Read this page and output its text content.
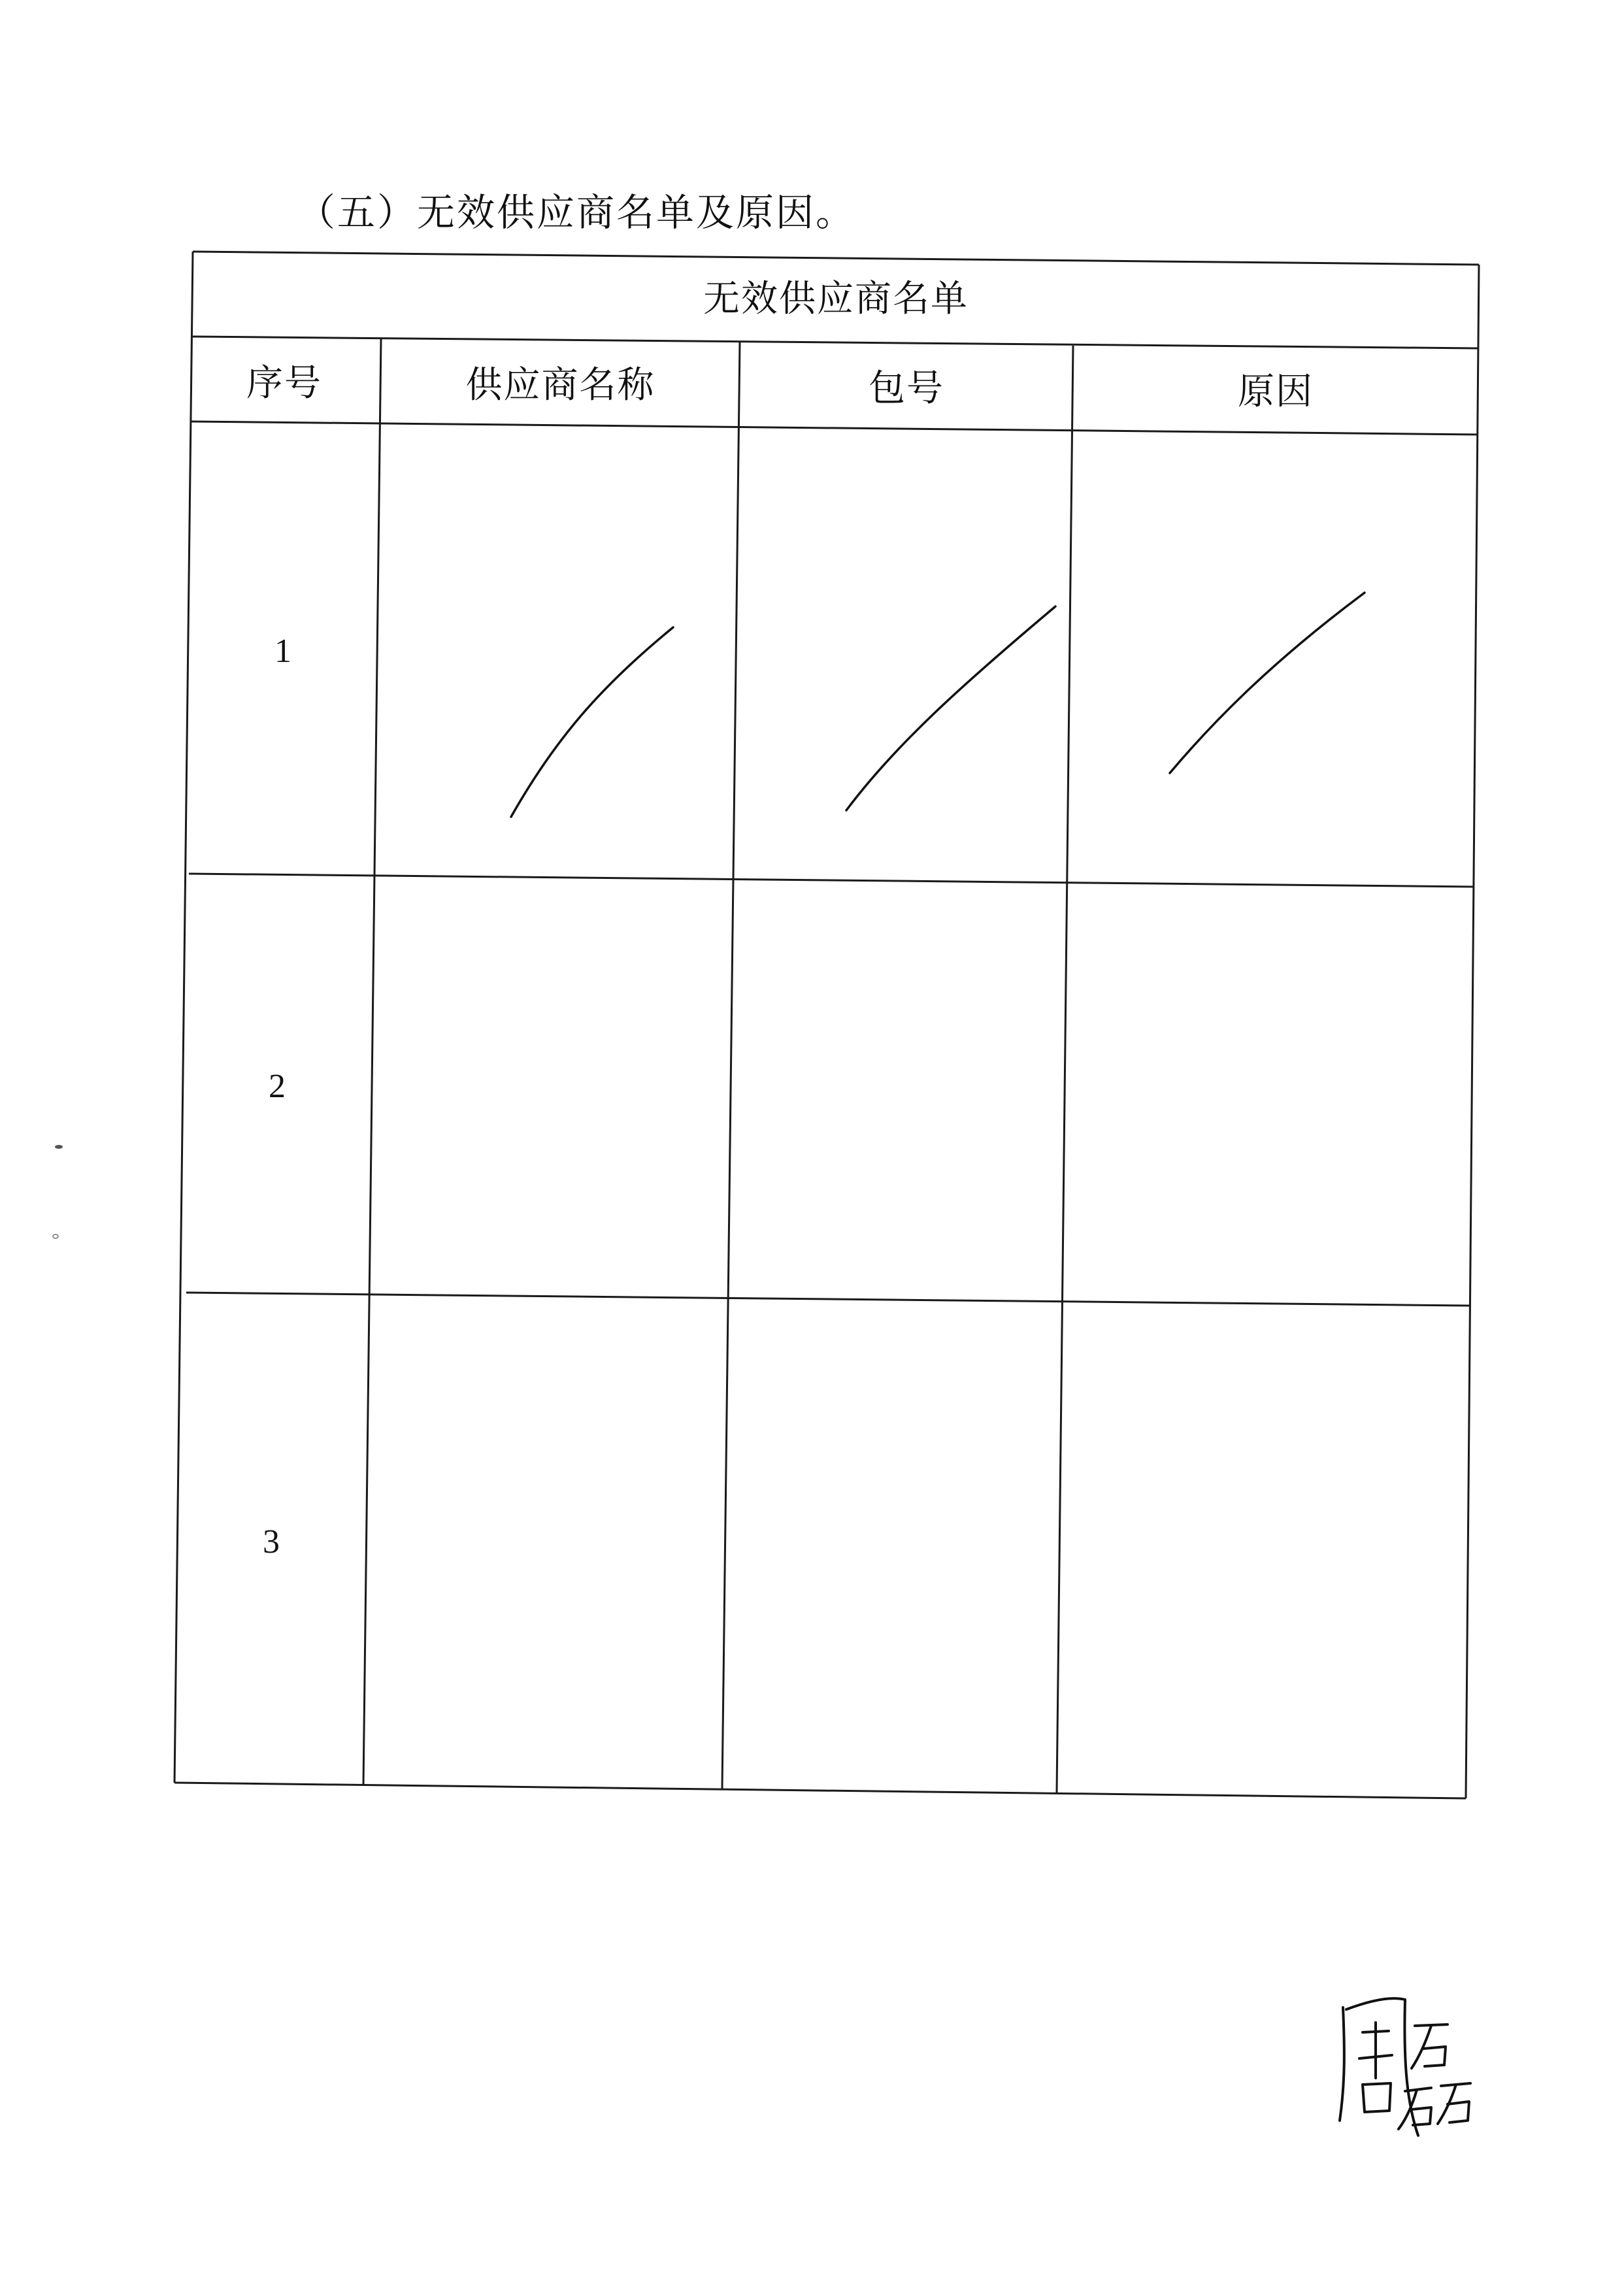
（五）无效供应商名单及原因。
无效供应商名单
序号	供应商名称	包号	原因
1
2
3
